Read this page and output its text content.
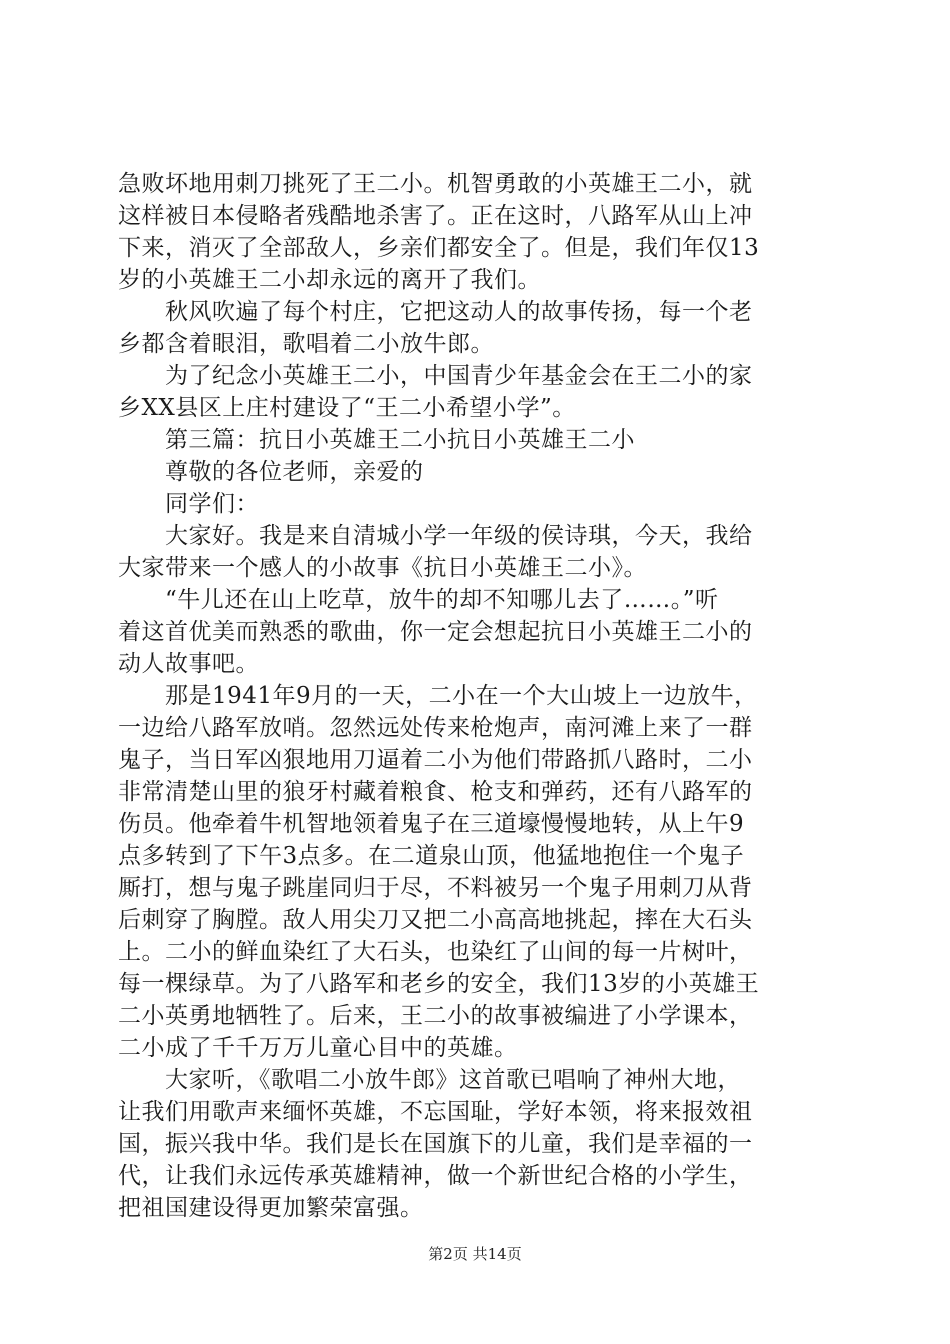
急败坏地用刺刀挑死了王二小。机智勇敢的小英雄王二小，就
这样被日本侵略者残酷地杀害了。正在这时，八路军从山上冲
下来，消灭了全部敌人，乡亲们都安全了。但是，我们年仅13
岁的小英雄王二小却永远的离开了我们。
　　秋风吹遍了每个村庄，它把这动人的故事传扬，每一个老
乡都含着眼泪，歌唱着二小放牛郎。
　　为了纪念小英雄王二小，中国青少年基金会在王二小的家
乡XX县区上庄村建设了“王二小希望小学”。
　　第三篇：抗日小英雄王二小抗日小英雄王二小
　　尊敬的各位老师，亲爱的
　　同学们：
　　大家好。我是来自清城小学一年级的侯诗琪，今天，我给
大家带来一个感人的小故事《抗日小英雄王二小》。
　　“牛儿还在山上吃草，放牛的却不知哪儿去了……。”听
着这首优美而熟悉的歌曲，你一定会想起抗日小英雄王二小的
动人故事吧。
　　那是1941年9月的一天，二小在一个大山坡上一边放牛，
一边给八路军放哨。忽然远处传来枪炮声，南河滩上来了一群
鬼子，当日军凶狠地用刀逼着二小为他们带路抓八路时，二小
非常清楚山里的狼牙村藏着粮食、枪支和弹药，还有八路军的
伤员。他牵着牛机智地领着鬼子在三道壕慢慢地转，从上午9
点多转到了下午3点多。在二道泉山顶，他猛地抱住一个鬼子
厮打，想与鬼子跳崖同归于尽，不料被另一个鬼子用刺刀从背
后刺穿了胸膛。敌人用尖刀又把二小高高地挑起，摔在大石头
上。二小的鲜血染红了大石头，也染红了山间的每一片树叶，
每一棵绿草。为了八路军和老乡的安全，我们13岁的小英雄王
二小英勇地牺牲了。后来，王二小的故事被编进了小学课本，
二小成了千千万万儿童心目中的英雄。
　　大家听，《歌唱二小放牛郎》这首歌已唱响了神州大地，
让我们用歌声来缅怀英雄，不忘国耻，学好本领，将来报效祖
国，振兴我中华。我们是长在国旗下的儿童，我们是幸福的一
代，让我们永远传承英雄精神，做一个新世纪合格的小学生，
把祖国建设得更加繁荣富强。
第2页 共14页
